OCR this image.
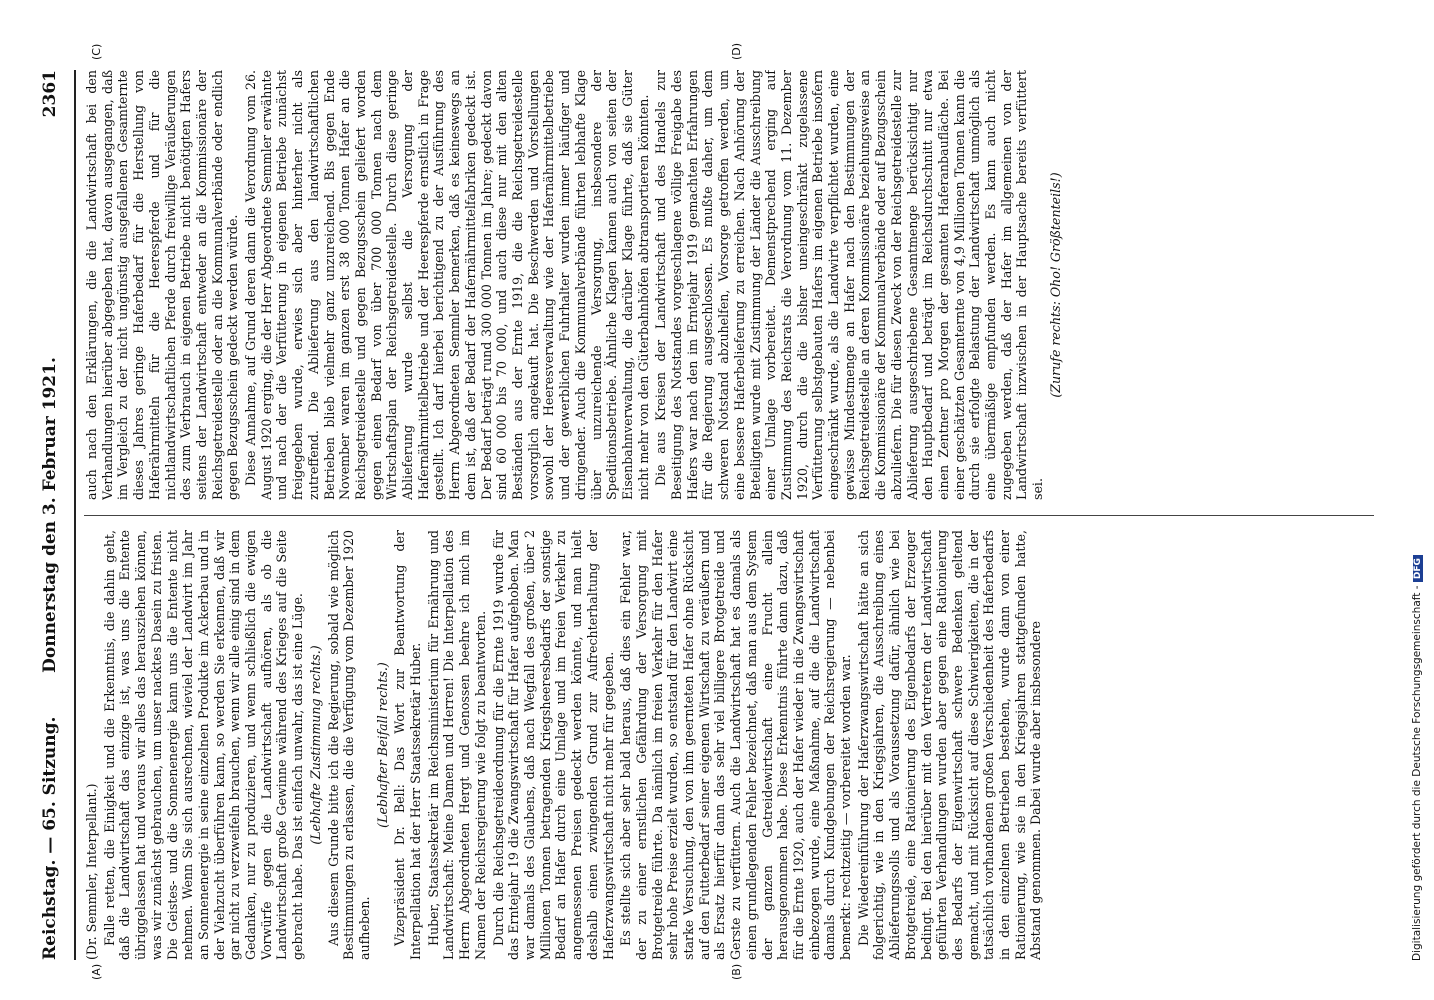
Reichstag. — 65. Sitzung.
Donnerstag den 3. Februar 1921.
2361

(Dr. Semmler, Interpellant.) Falle retten, die Einigkeit und die Erkenntnis, die dahin geht, daß die Landwirtschaft das einzige ist, was uns die Entente übriggelassen hat und woraus wir alles das herausziehen können, was wir zunächst gebrauchen, um unser nacktes Dasein zu fristen. Die Geistes- und die Sonnenenergie kann uns die Entente nicht nehmen. Wenn Sie sich ausrechnen, wieviel der Landwirt im Jahr an Sonnenenergie in seine einzelnen Produkte im Ackerbau und in der Viehzucht überführen kann, so werden Sie erkennen, daß wir gar nicht zu verzweifeln brauchen, wenn wir alle einig sind in dem Gedanken, nur zu produzieren, und wenn schließlich die ewigen Vorwürfe gegen die Landwirtschaft aufhören, als ob die Landwirtschaft große Gewinne während des Krieges auf die Seite gebracht habe. Das ist einfach unwahr, das ist eine Lüge. (Lebhafte Zustimmung rechts.) Aus diesem Grunde bitte ich die Regierung, sobald wie möglich Bestimmungen zu erlassen, die die Verfügung vom Dezember 1920 aufheben.

(Lebhafter Beifall rechts.) Vizepräsident Dr. Bell: Das Wort zur Beantwortung der Interpellation hat der Herr Staatssekretär Huber. Huber, Staatssekretär im Reichsministerium für Ernährung und Landwirtschaft: Meine Damen und Herren! Die Interpellation des Herrn Abgeordneten Hergt und Genossen beehre ich mich im Namen der Reichsregierung wie folgt zu beantworten. Durch die Reichsgetreideordnung für die Ernte 1919 wurde für das Erntejahr 19 die Zwangswirtschaft für Hafer aufgehoben. Man war damals des Glaubens, daß nach Wegfall des großen, über 2 Millionen Tonnen betragenden Kriegsheeresbedarfs der sonstige Bedarf an Hafer durch eine Umlage und im freien Verkehr zu angemessenen Preisen gedeckt werden könnte, und man hielt deshalb einen zwingenden Grund zur Aufrechterhaltung der Haferzwangswirtschaft nicht mehr für gegeben. Es stellte sich aber sehr bald heraus, daß dies ein Fehler war, der zu einer ernstlichen Gefährdung der Versorgung mit Brotgetreide führte. Da nämlich im freien Verkehr für den Hafer sehr hohe Preise erzielt wurden, so entstand für den Landwirt eine starke Versuchung, den von ihm geernteten Hafer ohne Rücksicht auf den Futterbedarf seiner eigenen Wirtschaft zu veräußern und als Ersatz hierfür dann das sehr viel billigere Brotgetreide und Gerste zu verfüttern. Auch die Landwirtschaft hat es damals als einen grundlegenden Fehler bezeichnet, daß man aus dem System der ganzen Getreidewirtschaft eine Frucht allein herausgenommen habe. Diese Erkenntnis führte dann dazu, daß für die Ernte 1920, auch der Hafer wieder in die Zwangswirtschaft einbezogen wurde, eine Maßnahme, auf die die Landwirtschaft damals durch Kundgebungen der Reichsregierung — nebenbei bemerkt: rechtzeitig — vorbereitet worden war. Die Wiedereinführung der Haferzwangswirtschaft hätte an sich folgerichtig, wie in den Kriegsjahren, die Ausschreibung eines Ablieferungssolls und als Voraussetzung dafür, ähnlich wie bei Brotgetreide, eine Rationierung des Eigenbedarfs der Erzeuger bedingt. Bei den hierüber mit den Vertretern der Landwirtschaft geführten Verhandlungen wurden aber gegen eine Rationierung des Bedarfs der Eigenwirtschaft schwere Bedenken geltend gemacht, und mit Rücksicht auf diese Schwierigkeiten, die in der tatsächlich vorhandenen großen Verschiedenheit des Haferbedarfs in den einzelnen Betrieben bestehen, wurde dann von einer Rationierung, wie sie in den Kriegsjahren stattgefunden hatte, Abstand genommen. Dabei wurde aber insbesondere

auch nach den Erklärungen, die die Landwirtschaft bei den Verhandlungen hierüber abgegeben hat, davon ausgegangen, daß im Vergleich zu der nicht ungünstig ausgefallenen Gesamternte dieses Jahres geringe Haferbedarf für die Herstellung von Haferährmitteln für die Heerespferde und für die nichtlandwirtschaftlichen Pferde durch freiwillige Veräußerungen des zum Verbrauch in eigenen Betriebe nicht benötigten Hafers seitens der Landwirtschaft entweder an die Kommissionäre der Reichsgetreidestelle oder an die Kommunalverbände oder endlich gegen Bezugsschein gedeckt werden würde. Diese Annahme, auf Grund deren dann die Verordnung vom 26. August 1920 erging, die der Herr Abgeordnete Semmler erwähnte und nach der die Verfütterung in eigenen Betriebe zunächst freigegeben wurde, erwies sich aber hinterher nicht als zutreffend. Die Ablieferung aus den landwirtschaftlichen Betrieben blieb vielmehr ganz unzureichend. Bis gegen Ende November waren im ganzen erst 38 000 Tonnen Hafer an die Reichsgetreidestelle und gegen Bezugsschein geliefert worden gegen einen Bedarf von über 700 000 Tonnen nach dem Wirtschaftsplan der Reichsgetreidestelle. Durch diese geringe Ablieferung wurde selbst die Versorgung der Hafernährmittelbetriebe und der Heerespferde ernstlich in Frage gestellt. Ich darf hierbei berichtigend zu der Ausführung des Herrn Abgeordneten Semmler bemerken, daß es keineswegs an dem ist, daß der Bedarf der Hafernährmittelfabriken gedeckt ist. Der Bedarf beträgt rund 300 000 Tonnen im Jahre; gedeckt davon sind 60 000 bis 70 000, und auch diese nur mit den alten Beständen aus der Ernte 1919, die die Reichsgetreidestelle vorsorglich angekauft hat. Die Beschwerden und Vorstellungen sowohl der Heeresverwaltung wie der Hafernährmittelbetriebe und der gewerblichen Fuhrhalter wurden immer häufiger und dringender. Auch die Kommunalverbände führten lebhafte Klage über unzureichende Versorgung, insbesondere der Speditionsbetriebe. Ähnliche Klagen kamen auch von seiten der Eisenbahnverwaltung, die darüber Klage führte, daß sie Güter nicht mehr von den Güterbahnhöfen abtransportieren könnten. Die aus Kreisen der Landwirtschaft und des Handels zur Beseitigung des Notstandes vorgeschlagene völlige Freigabe des Hafers war nach den im Erntejahr 1919 gemachten Erfahrungen für die Regierung ausgeschlossen. Es mußte daher, um dem schweren Notstand abzuhelfen, Vorsorge getroffen werden, um eine bessere Haferbelieferung zu erreichen. Nach Anhörung der Beteiligten wurde mit Zustimmung der Länder die Ausschreibung einer Umlage vorbereitet. Demenstprechend erging auf Zustimmung des Reichsrats die Verordnung vom 11. Dezember 1920, durch die die bisher uneingeschränkt zugelassene Verfütterung selbstgebauten Hafers im eigenen Betriebe insofern eingeschränkt wurde, als die Landwirte verpflichtet wurden, eine gewisse Mindestmenge an Hafer nach den Bestimmungen der Reichsgetreidestelle an deren Kommissionäre beziehungsweise an die Kommissionäre der Kommunalverbände oder auf Bezugsschein abzuliefern. Die für diesen Zweck von der Reichsgetreidestelle zur Ablieferung ausgeschriebene Gesamtmenge berücksichtigt nur den Hauptbedarf und beträgt im Reichsdurchschnitt nur etwa einen Zentner pro Morgen der gesamten Haferanbaufläche. Bei einer geschätzten Gesamternte von 4,9 Millionen Tonnen kann die durch sie erfolgte Belastung der Landwirtschaft unmöglich als eine übermäßige empfunden werden. Es kann auch nicht zugegeben werden, daß der Hafer im allgemeinen von der Landwirtschaft inzwischen in der Hauptsache bereits verfüttert sei.

(Zurufe rechts: Oho! Größtenteils!)

(A)	(B)
(C)	(D)
Digitalisierung gefördert durch die Deutsche Forschungsgemeinschaft - DFG
